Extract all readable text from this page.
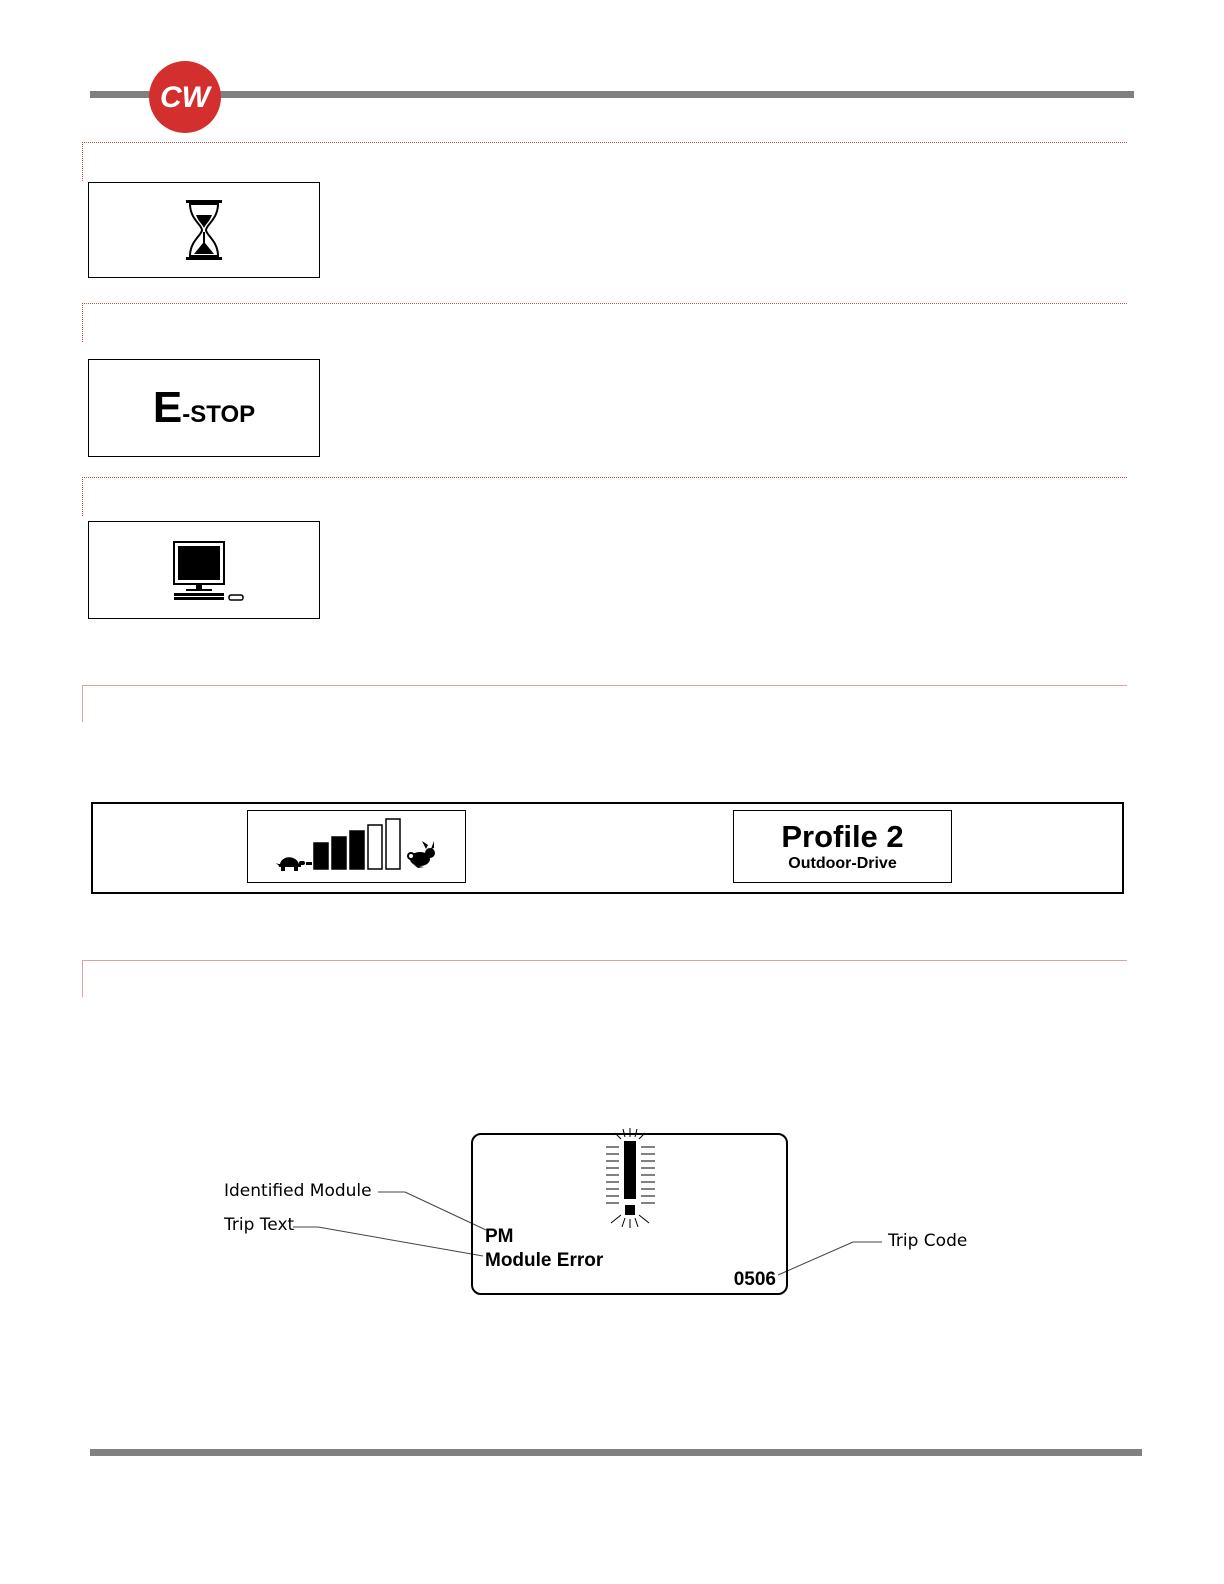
CW
E -STOP
Profile 2
Outdoor-Drive
Identified Module
Trip Text
Trip Code
PM
Module Error
0506
